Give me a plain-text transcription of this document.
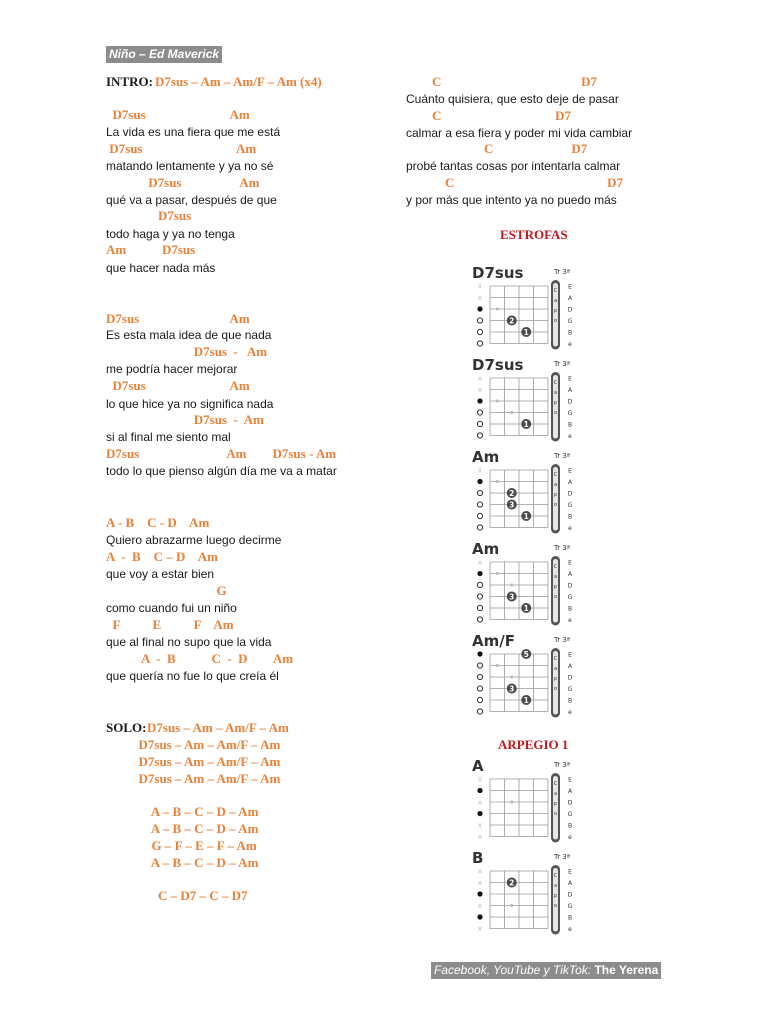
Niño – Ed Maverick
INTRO: D7sus – Am – Am/F – Am (x4)
D7sus                          Am
La vida es una fiera que me está
D7sus                             Am
matando lentamente y ya no sé
D7sus                  Am
qué va a pasar, después de que
D7sus
todo haga y ya no tenga
Am           D7sus
que hacer nada más
D7sus                            Am
Es esta mala idea de que nada
D7sus  -   Am
me podría hacer mejorar
D7sus                          Am
lo que hice ya no significa nada
D7sus  -  Am
si al final me siento mal
D7sus                           Am        D7sus - Am
todo lo que pienso algún día me va a matar
A - B    C - D    Am
Quiero abrazarme luego decirme
A  -  B    C – D    Am
que voy a estar bien
G
como cuando fui un niño
F          E          F    Am
que al final no supo que la vida
A  -  B           C  -  D        Am
que quería no fue lo que creía él
SOLO: D7sus – Am – Am/F – Am
D7sus – Am – Am/F – Am
D7sus – Am – Am/F – Am
D7sus – Am – Am/F – Am
A – B – C – D – Am
A – B – C – D – Am
G – F – E – F – Am
A – B – C – D – Am
C – D7 – C – D7
C                                           D7
Cuánto quisiera, que esto deje de pasar
C                                   D7
calmar a esa fiera y poder mi vida cambiar
C                        D7
probé tantas cosas por intentarla calmar
C                                               D7
y por más que intento ya no puedo más
ESTROFAS
ARPEGIO 1
C
a
p
o
E
A
D
G
B
e
x
x
2
1
D7sus	Tr 3ª
C
a
p
o
E
A
D
G
B
e
x
x
1
D7sus	Tr 3ª
C
a
p
o
E
A
D
G
B
e
x
2
3
1
Am	Tr 3ª
C
a
p
o
E
A
D
G
B
e
x
3
1
Am	Tr 3ª
C
a
p
o
E
A
D
G
B
e
5
3
1
Am/F	Tr 3ª
C
a
p
o
E
A
D
G
B
e
x
x
x
x
A	Tr 3ª
C
a
p
o
E
A
D
G
B
e
x
x
x
x
2
B	Tr 3ª
Facebook, YouTube y TikTok: The Yerena
